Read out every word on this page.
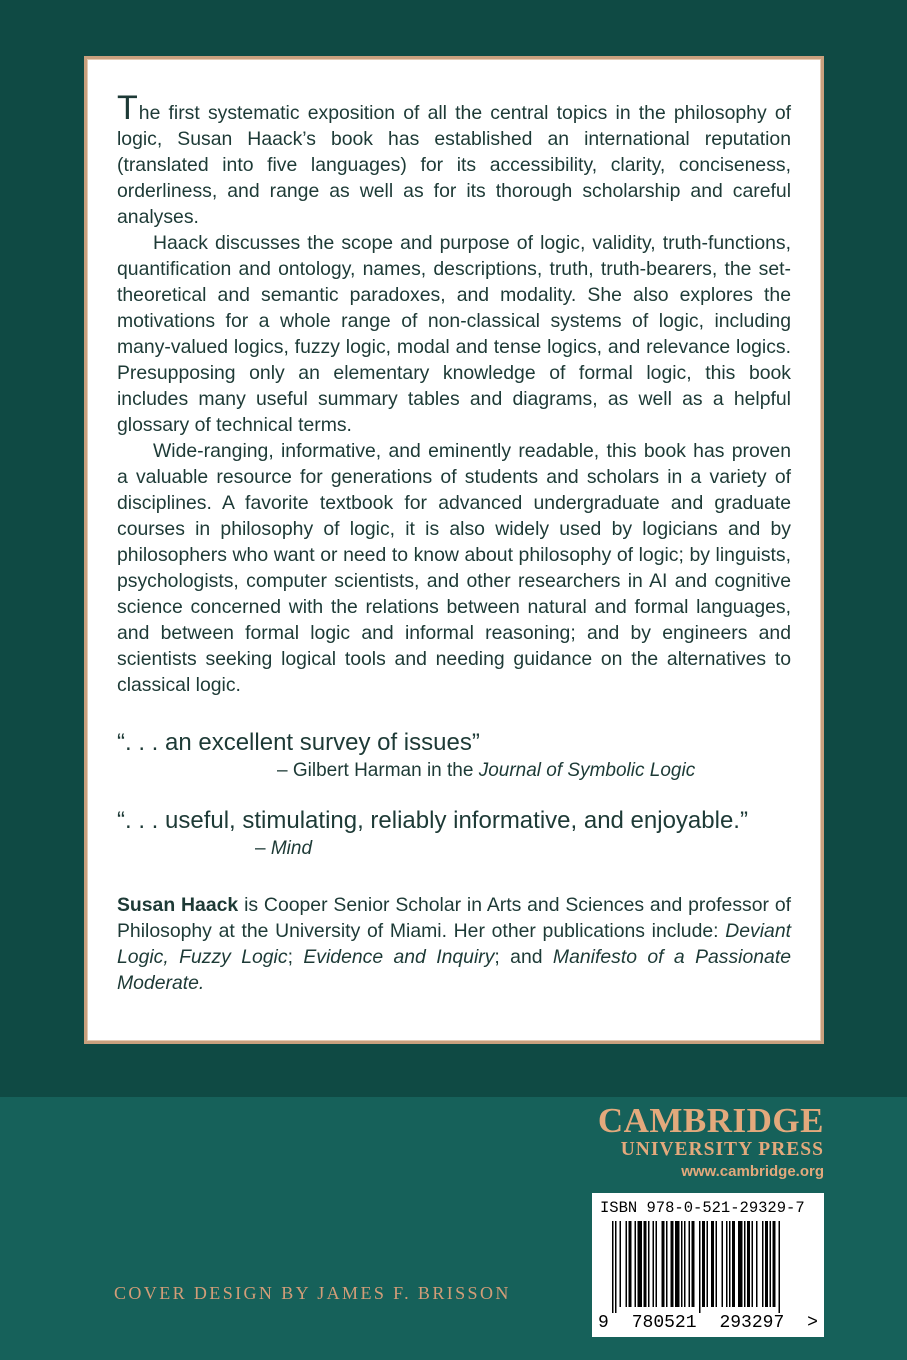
The first systematic exposition of all the central topics in the philosophy of logic, Susan Haack’s book has established an international reputation (translated into five languages) for its accessibility, clarity, conciseness, orderliness, and range as well as for its thorough scholarship and careful analyses.

Haack discusses the scope and purpose of logic, validity, truth-functions, quantification and ontology, names, descriptions, truth, truth-bearers, the set-theoretical and semantic paradoxes, and modality. She also explores the motivations for a whole range of non-classical systems of logic, including many-valued logics, fuzzy logic, modal and tense logics, and relevance logics. Presupposing only an elementary knowledge of formal logic, this book includes many useful summary tables and diagrams, as well as a helpful glossary of technical terms.

Wide-ranging, informative, and eminently readable, this book has proven a valuable resource for generations of students and scholars in a variety of disciplines. A favorite textbook for advanced undergraduate and graduate courses in philosophy of logic, it is also widely used by logicians and by philosophers who want or need to know about philosophy of logic; by linguists, psychologists, computer scientists, and other researchers in AI and cognitive science concerned with the relations between natural and formal languages, and between formal logic and informal reasoning; and by engineers and scientists seeking logical tools and needing guidance on the alternatives to classical logic.

“. . . an excellent survey of issues”
– Gilbert Harman in the Journal of Symbolic Logic
“. . . useful, stimulating, reliably informative, and enjoyable.”
– Mind

Susan Haack is Cooper Senior Scholar in Arts and Sciences and professor of Philosophy at the University of Miami. Her other publications include: Deviant Logic, Fuzzy Logic; Evidence and Inquiry; and Manifesto of a Passionate Moderate.

CAMBRIDGE
UNIVERSITY PRESS
www.cambridge.org
ISBN 978-0-521-29329-7
9 780521 293297 >
COVER DESIGN BY JAMES F. BRISSON
